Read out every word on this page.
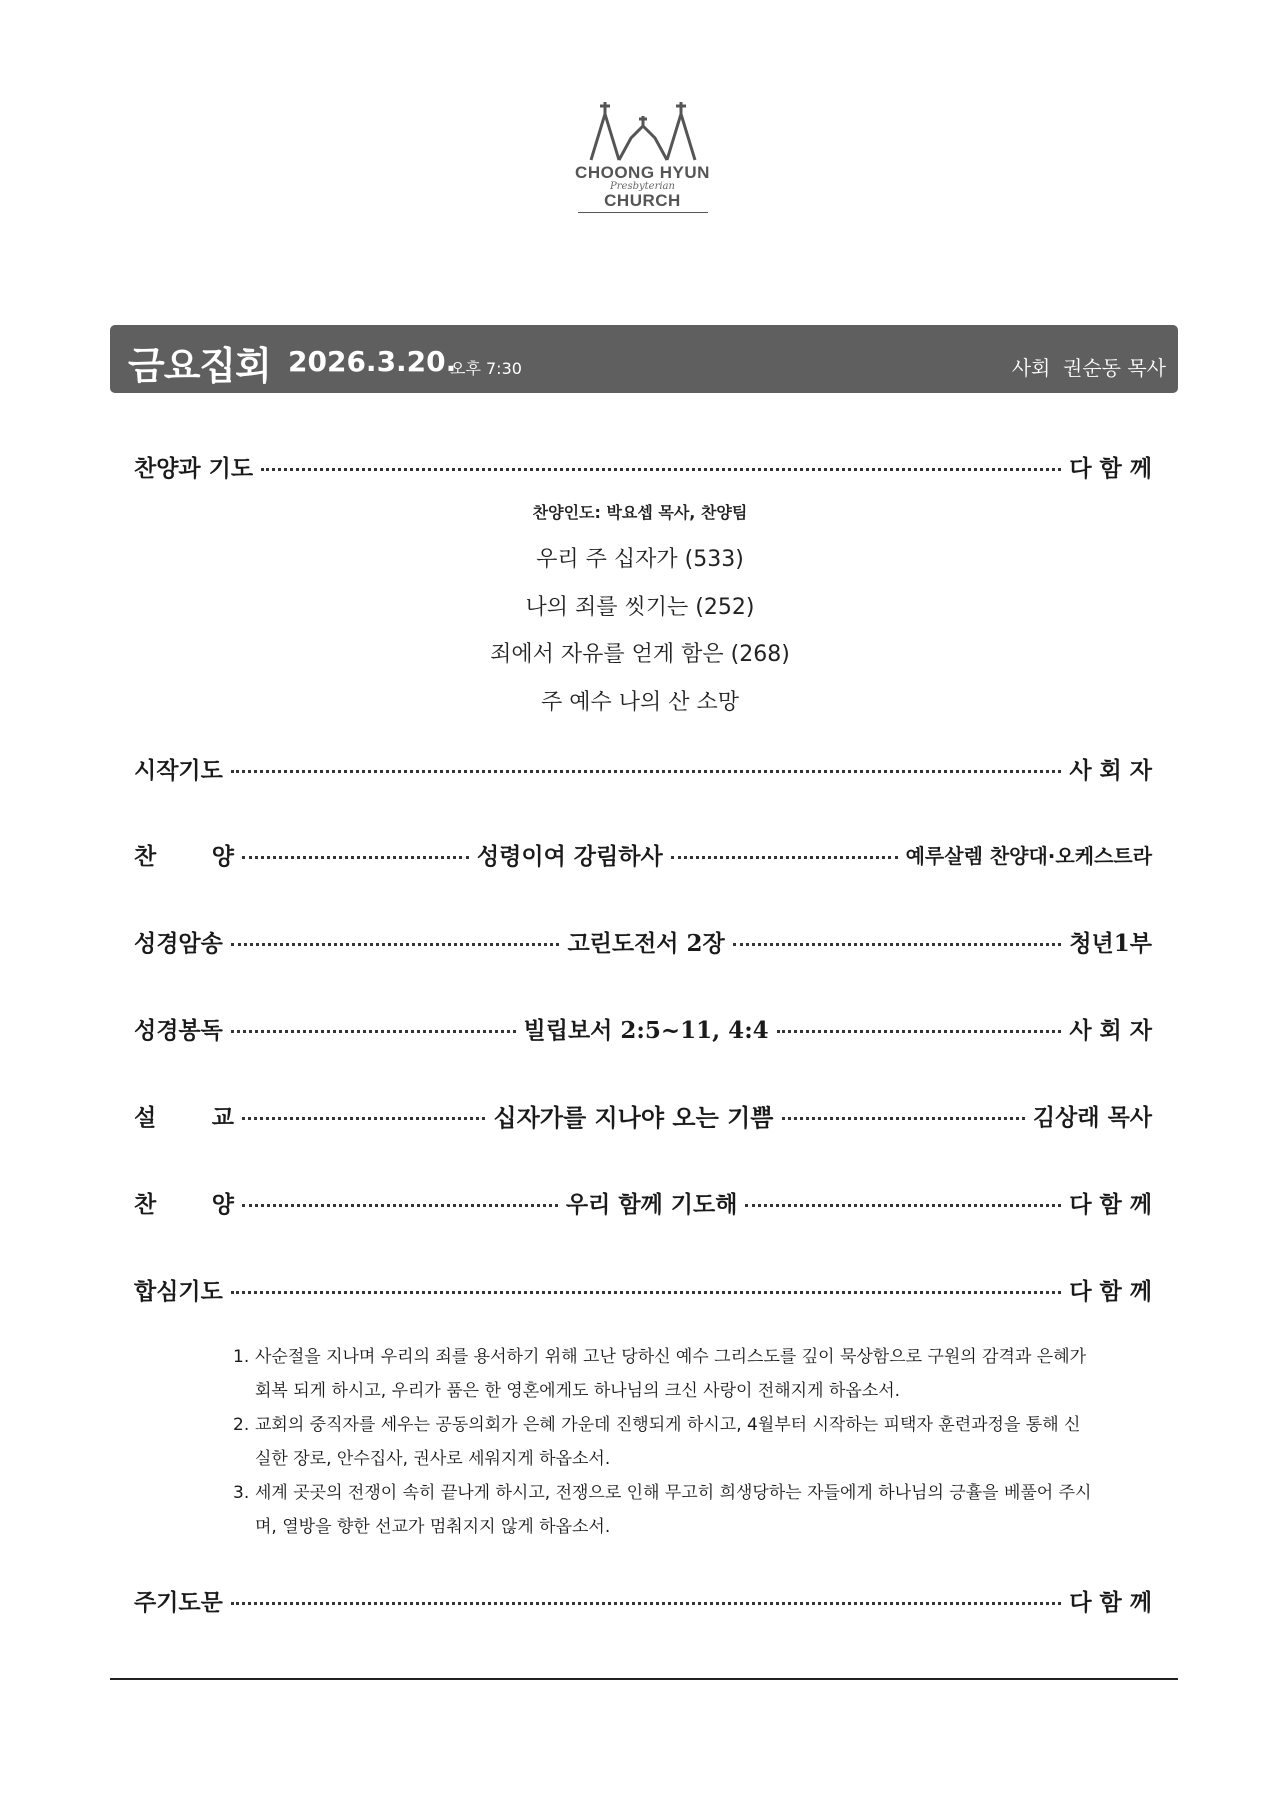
CHOONG HYUN
Presbyterian
CHURCH
금요집회 2026.3.20.
오후 7:30	사회  권순동 목사
찬양과 기도	다 함 께
찬양인도: 박요셉 목사, 찬양팀
우리 주 십자가 (533)
나의 죄를 씻기는 (252)
죄에서 자유를 얻게 함은 (268)
주 예수 나의 산 소망
시작기도	사 회 자
찬 양	성령이여 강림하사	예루살렘 찬양대·오케스트라
성경암송	고린도전서 2장	청년1부
성경봉독	빌립보서 2:5~11, 4:4	사 회 자
설 교	십자가를 지나야 오는 기쁨	김상래 목사
찬 양	우리 함께 기도해	다 함 께
합심기도	다 함 께
1. 사순절을 지나며 우리의 죄를 용서하기 위해 고난 당하신 예수 그리스도를 깊이 묵상함으로 구원의 감격과 은혜가 회복 되게 하시고, 우리가 품은 한 영혼에게도 하나님의 크신 사랑이 전해지게 하옵소서.
2. 교회의 중직자를 세우는 공동의회가 은혜 가운데 진행되게 하시고, 4월부터 시작하는 피택자 훈련과정을 통해 신실한 장로, 안수집사, 권사로 세워지게 하옵소서.
3. 세계 곳곳의 전쟁이 속히 끝나게 하시고, 전쟁으로 인해 무고히 희생당하는 자들에게 하나님의 긍휼을 베풀어 주시며, 열방을 향한 선교가 멈춰지지 않게 하옵소서.
주기도문	다 함 께
